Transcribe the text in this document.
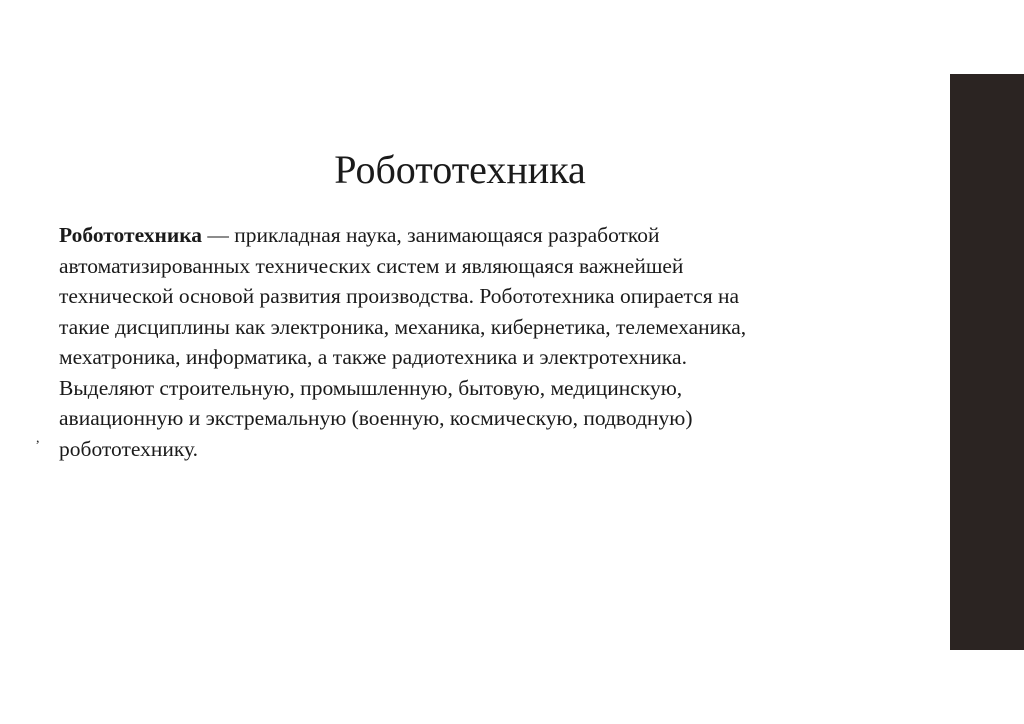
Робототехника

Робототехника — прикладная наука, занимающаяся разработкой
автоматизированных технических систем и являющаяся важнейшей
технической основой развития производства. Робототехника опирается на
такие дисциплины как электроника, механика, кибернетика, телемеханика,
мехатроника, информатика, а также радиотехника и электротехника.
Выделяют строительную, промышленную, бытовую, медицинскую,
авиационную и экстремальную (военную, космическую, подводную)
робототехнику.

,
